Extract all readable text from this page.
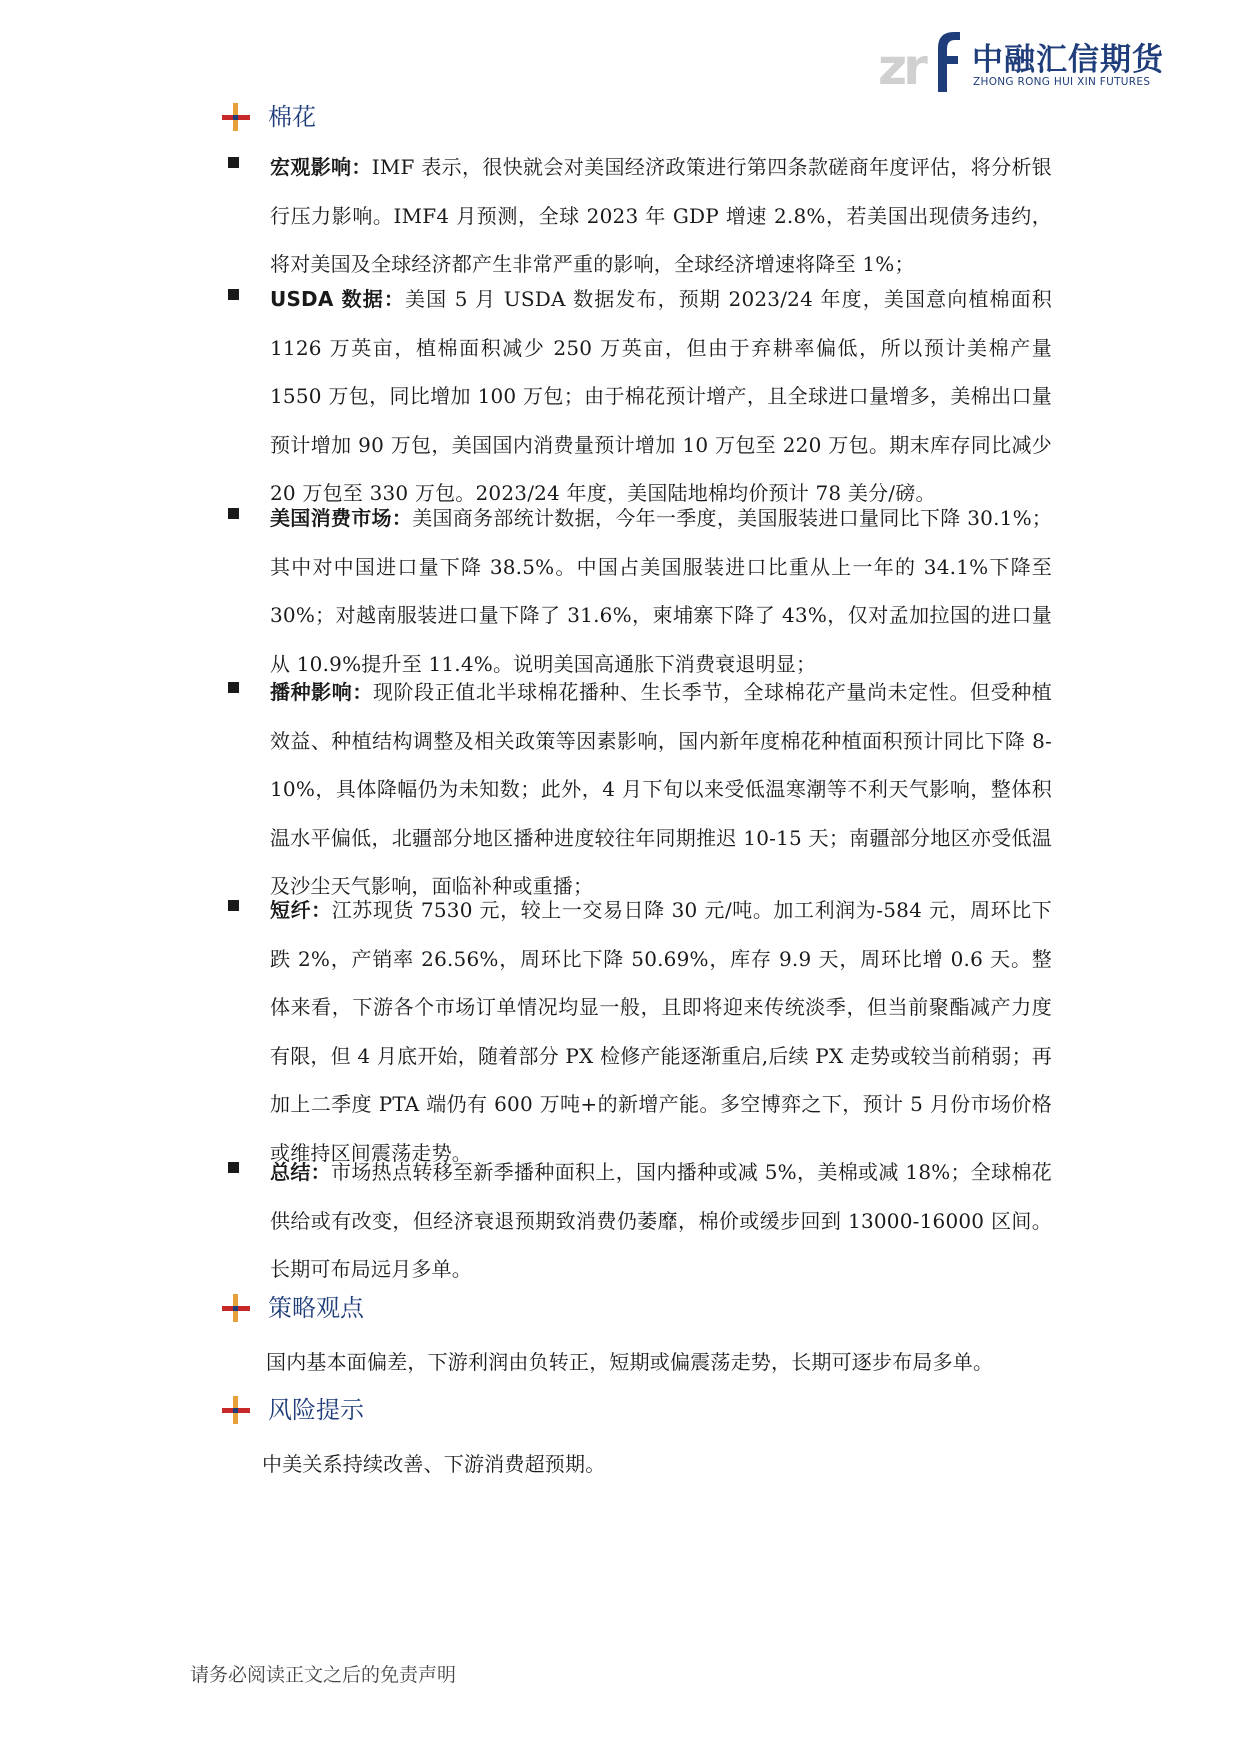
zr 中融汇信期货
ZHONG RONG HUI XIN FUTURES
棉花
宏观影响：IMF 表示，很快就会对美国经济政策进行第四条款磋商年度评估，将分析银行压力影响。IMF4 月预测，全球 2023 年 GDP 增速 2.8%，若美国出现债务违约，将对美国及全球经济都产生非常严重的影响，全球经济增速将降至 1%；
USDA 数据：美国 5 月 USDA 数据发布，预期 2023/24 年度，美国意向植棉面积 1126 万英亩，植棉面积减少 250 万英亩，但由于弃耕率偏低，所以预计美棉产量 1550 万包，同比增加 100 万包；由于棉花预计增产，且全球进口量增多，美棉出口量预计增加 90 万包，美国国内消费量预计增加 10 万包至 220 万包。期末库存同比减少 20 万包至 330 万包。2023/24 年度，美国陆地棉均价预计 78 美分/磅。
美国消费市场：美国商务部统计数据，今年一季度，美国服装进口量同比下降 30.1%；其中对中国进口量下降 38.5%。中国占美国服装进口比重从上一年的 34.1%下降至 30%；对越南服装进口量下降了 31.6%，柬埔寨下降了 43%，仅对孟加拉国的进口量从 10.9%提升至 11.4%。说明美国高通胀下消费衰退明显；
播种影响：现阶段正值北半球棉花播种、生长季节，全球棉花产量尚未定性。但受种植效益、种植结构调整及相关政策等因素影响，国内新年度棉花种植面积预计同比下降 8-10%，具体降幅仍为未知数；此外，4 月下旬以来受低温寒潮等不利天气影响，整体积温水平偏低，北疆部分地区播种进度较往年同期推迟 10-15 天；南疆部分地区亦受低温及沙尘天气影响，面临补种或重播；
短纤：江苏现货 7530 元，较上一交易日降 30 元/吨。加工利润为-584 元，周环比下跌 2%，产销率 26.56%，周环比下降 50.69%，库存 9.9 天，周环比增 0.6 天。整体来看，下游各个市场订单情况均显一般，且即将迎来传统淡季，但当前聚酯减产力度有限，但 4 月底开始，随着部分 PX 检修产能逐渐重启,后续 PX 走势或较当前稍弱；再加上二季度 PTA 端仍有 600 万吨+的新增产能。多空博弈之下，预计 5 月份市场价格或维持区间震荡走势。
总结：市场热点转移至新季播种面积上，国内播种或减 5%，美棉或减 18%；全球棉花供给或有改变，但经济衰退预期致消费仍萎靡，棉价或缓步回到 13000-16000 区间。长期可布局远月多单。
策略观点
国内基本面偏差，下游利润由负转正，短期或偏震荡走势，长期可逐步布局多单。
风险提示
中美关系持续改善、下游消费超预期。
请务必阅读正文之后的免责声明
